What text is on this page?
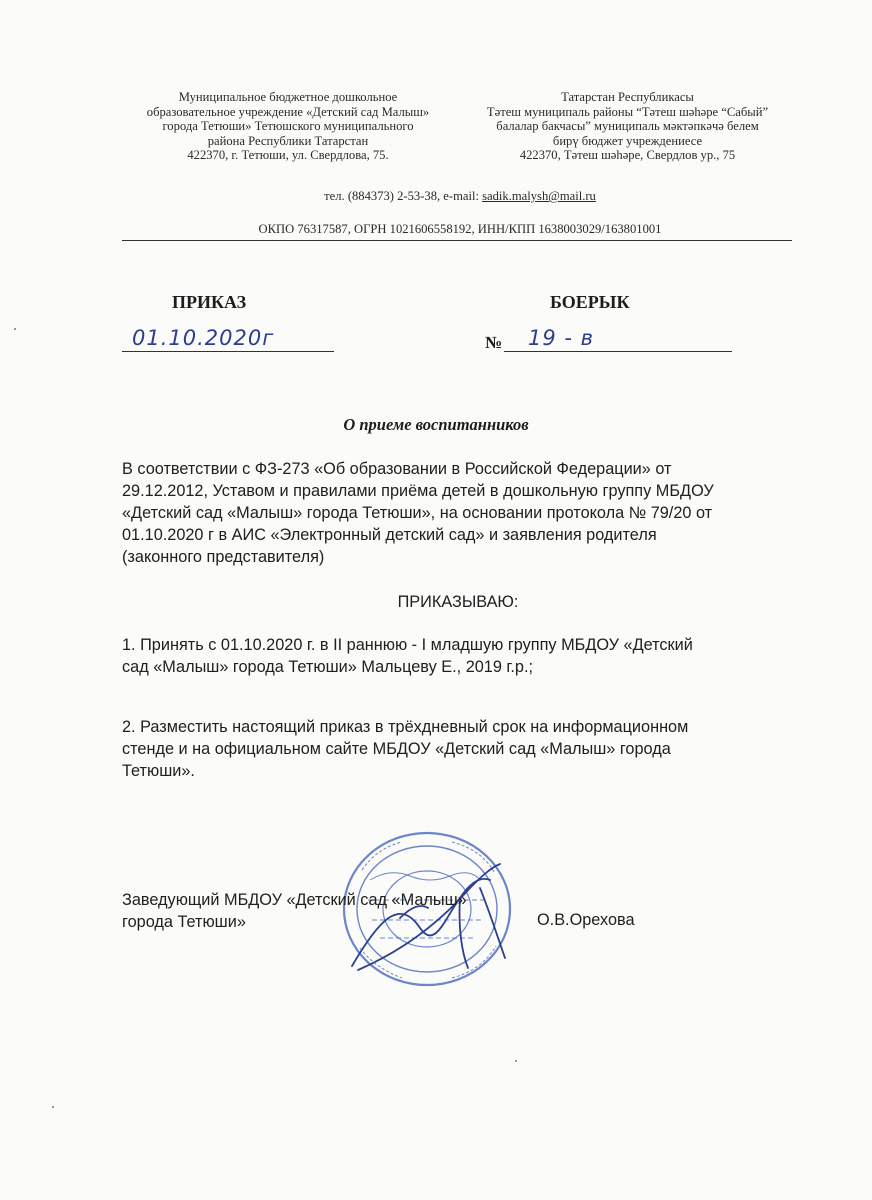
Муниципальное бюджетное дошкольное
образовательное учреждение «Детский сад Малыш»
города Тетюши» Тетюшского муниципального
района Республики Татарстан
422370, г. Тетюши, ул. Свердлова, 75.
Татарстан Республикасы
Тәтеш муниципаль районы “Тәтеш шәһәре “Сабый”
балалар бакчасы” муниципаль мәктәпкәчә белем
бирү бюджет учреждениесе
422370, Тәтеш шәһәре, Свердлов ур., 75
тел. (884373) 2-53-38, e-mail: sadik.malysh@mail.ru
ОКПО 76317587, ОГРН 1021606558192, ИНН/КПП 1638003029/163801001
ПРИКАЗ	БОЕРЫК
01.10.2020г	№ 19 - в
О приеме воспитанников
В соответствии с ФЗ-273 «Об образовании в Российской Федерации» от
29.12.2012, Уставом и правилами приёма детей в дошкольную группу МБДОУ
«Детский сад «Малыш» города Тетюши», на основании протокола № 79/20 от
01.10.2020 г в АИС «Электронный детский сад» и заявления родителя
(законного представителя)
ПРИКАЗЫВАЮ:
1. Принять с 01.10.2020 г. в II раннюю - I младшую группу МБДОУ «Детский
сад «Малыш» города Тетюши» Мальцеву Е., 2019 г.р.;
2. Разместить настоящий приказ в трёхдневный срок на информационном
стенде и на официальном сайте МБДОУ «Детский сад «Малыш» города
Тетюши».
Заведующий МБДОУ «Детский сад «Малыш»
города Тетюши»	О.В.Орехова
